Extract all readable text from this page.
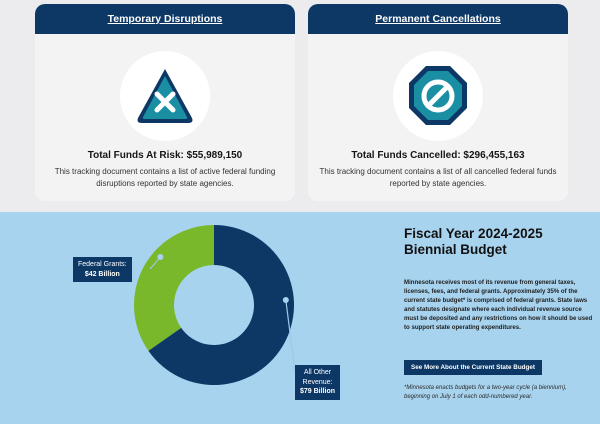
Temporary Disruptions
Total Funds At Risk: $55,989,150
This tracking document contains a list of active federal funding disruptions reported by state agencies.
Permanent Cancellations
Total Funds Cancelled: $296,455,163
This tracking document contains a list of all cancelled federal funds reported by state agencies.
Federal Grants:
$42 Billion
All Other Revenue:
$79 Billion
Fiscal Year 2024-2025
Biennial Budget
Minnesota receives most of its revenue from general taxes, licenses, fees, and federal grants. Approximately 35% of the current state budget* is comprised of federal grants. State laws and statutes designate where each individual revenue source must be deposited and any restrictions on how it should be used to support state operating expenditures.
See More About the Current State Budget
*Minnesota enacts budgets for a two-year cycle (a biennium), beginning on July 1 of each odd-numbered year.
